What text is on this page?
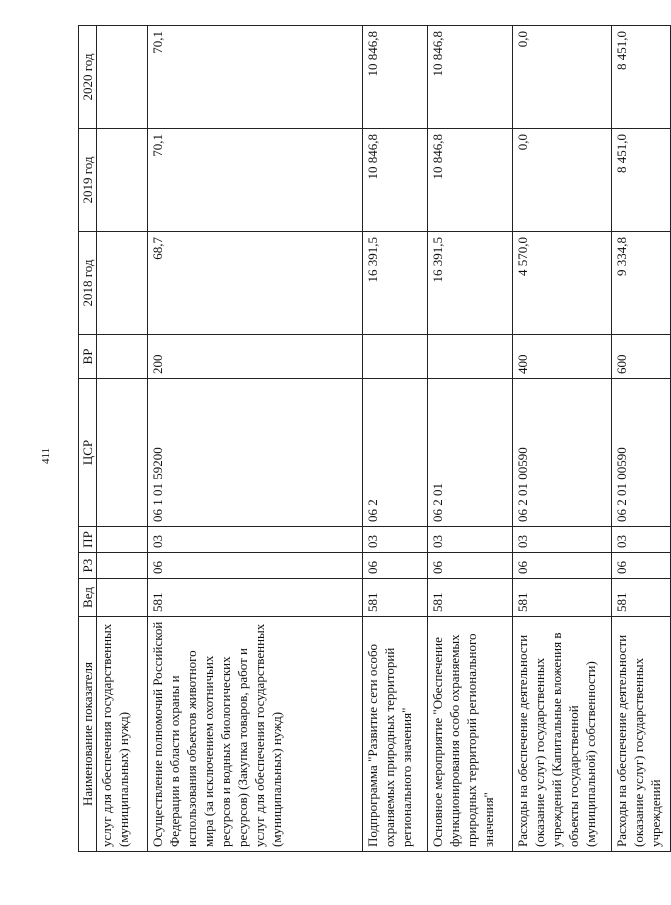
411
Наименование показателя	Вед	РЗ	ПР	ЦСР	ВР	2018 год	2019 год	2020 год
услуг для обеспечения государственных (муниципальных) нужд)								
Осуществление полномочий Российской Федерации в области охраны и использования объектов животного мира (за исключением охотничьих ресурсов и водных биологических ресурсов) (Закупка товаров, работ и услуг для обеспечения государственных (муниципальных) нужд)	581	06	03	06 1 01 59200	200	68,7	70,1	70,1
Подпрограмма "Развитие сети особо охраняемых природных территорий регионального значения"	581	06	03	06 2		16 391,5	10 846,8	10 846,8
Основное мероприятие "Обеспечение функционирования особо охраняемых природных территорий регионального значения"	581	06	03	06 2 01		16 391,5	10 846,8	10 846,8
Расходы на обеспечение деятельности (оказание услуг) государственных учреждений (Капитальные вложения в объекты государственной (муниципальной) собственности)	581	06	03	06 2 01 00590	400	4 570,0	0,0	0,0
Расходы на обеспечение деятельности (оказание услуг) государственных учреждений	581	06	03	06 2 01 00590	600	9 334,8	8 451,0	8 451,0
